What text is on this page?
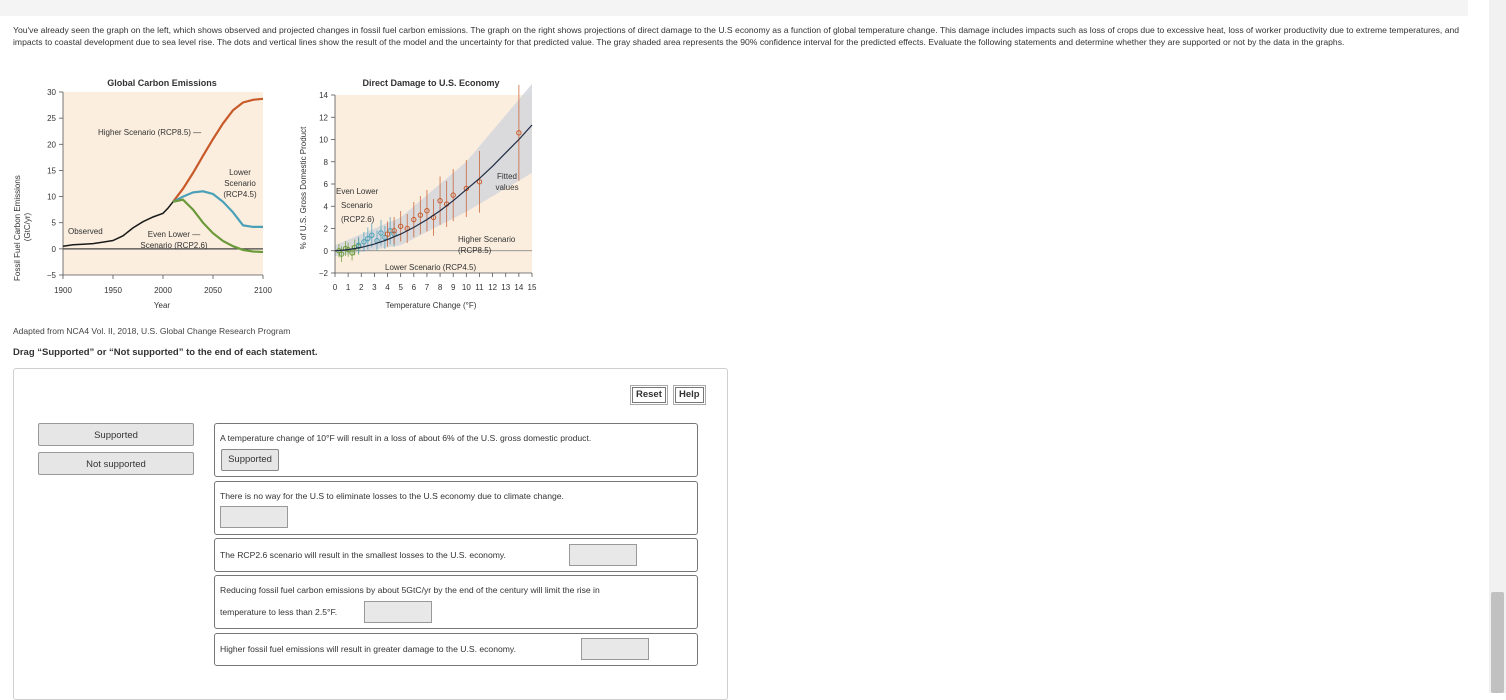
You've already seen the graph on the left, which shows observed and projected changes in fossil fuel carbon emissions. The graph on the right shows projections of direct damage to the U.S economy as a function of global temperature change. This damage includes impacts such as loss of crops due to excessive heat, loss of worker productivity due to extreme temperatures, and impacts to coastal development due to sea level rise. The dots and vertical lines show the result of the model and the uncertainty for that predicted value. The gray shaded area represents the 90% confidence interval for the predicted effects. Evaluate the following statements and determine whether they are supported or not by the data in the graphs.
Global Carbon Emissions
−5
0
5
10
15
20
25
30
1900	1950	2000	2050	2100
Fossil Fuel Carbon Emissions (GtC/yr)
Year
Higher Scenario (RCP8.5) —
Lower Scenario (RCP4.5)
Observed	Even Lower — Scenario (RCP2.6)
Direct Damage to U.S. Economy
−2
0
2
4
6
8
10
12
14
0 1 2 3 4 5 6 7 8 9 10 11 12 13 14 15
% of U.S. Gross Domestic Product
Temperature Change (°F)
Even Lower Scenario (RCP2.6)
Higher Scenario (RCP8.5)
Lower Scenario (RCP4.5)
Fitted values
Adapted from NCA4 Vol. II, 2018, U.S. Global Change Research Program
Drag “Supported” or “Not supported” to the end of each statement.
Reset	Help
Supported
Not supported
A temperature change of 10°F will result in a loss of about 6% of the U.S. gross domestic product.
Supported
There is no way for the U.S to eliminate losses to the U.S economy due to climate change.
The RCP2.6 scenario will result in the smallest losses to the U.S. economy.
Reducing fossil fuel carbon emissions by about 5GtC/yr by the end of the century will limit the rise in
temperature to less than 2.5°F.
Higher fossil fuel emissions will result in greater damage to the U.S. economy.
